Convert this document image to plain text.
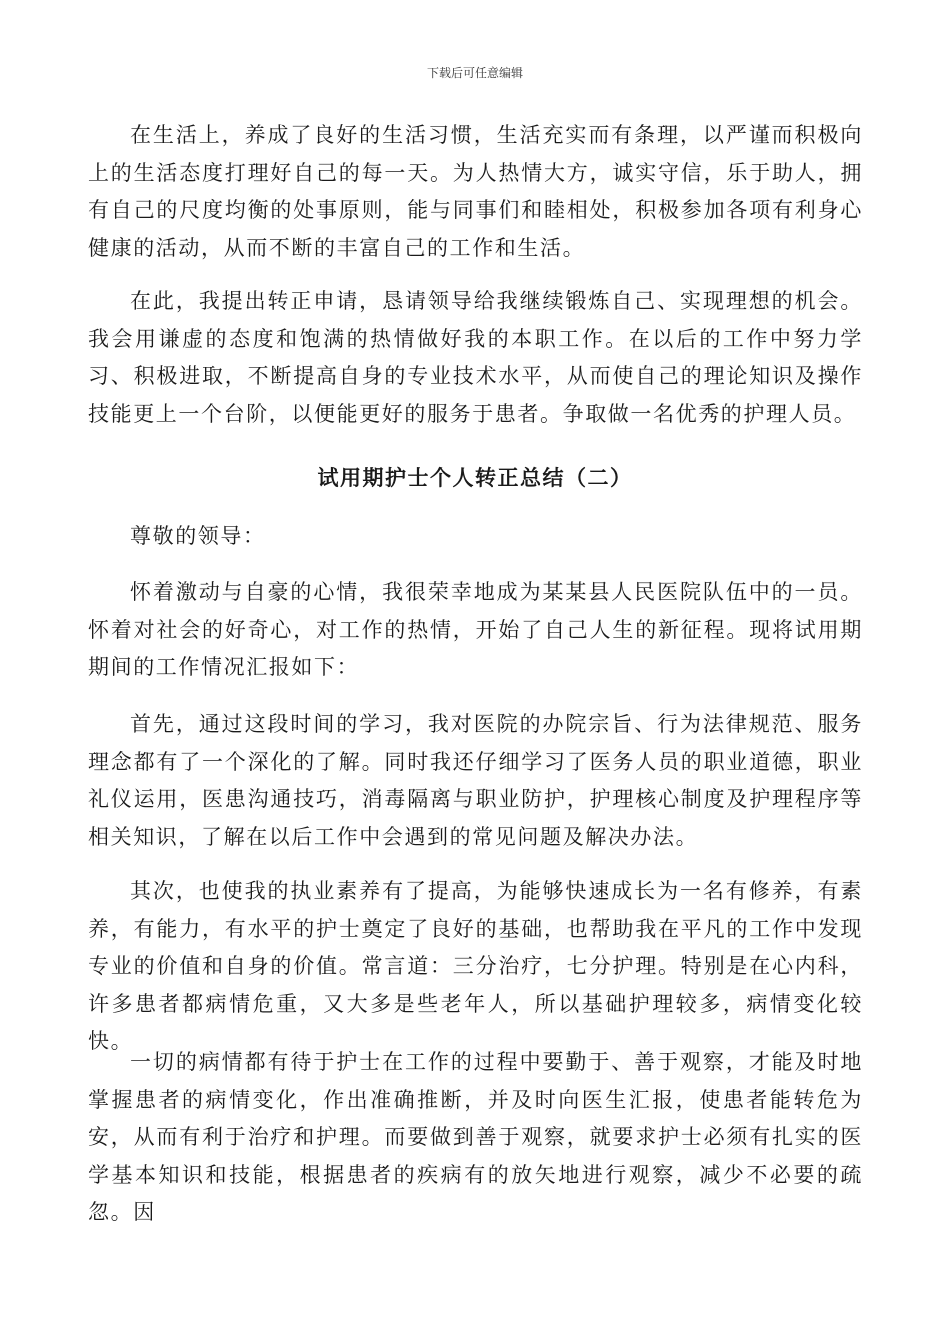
下载后可任意编辑

在生活上，养成了良好的生活习惯，生活充实而有条理，以严谨而积极向上的生活态度打理好自己的每一天。为人热情大方，诚实守信，乐于助人，拥有自己的尺度均衡的处事原则，能与同事们和睦相处，积极参加各项有利身心健康的活动，从而不断的丰富自己的工作和生活。

在此，我提出转正申请，恳请领导给我继续锻炼自己、实现理想的机会。我会用谦虚的态度和饱满的热情做好我的本职工作。在以后的工作中努力学习、积极进取，不断提高自身的专业技术水平，从而使自己的理论知识及操作技能更上一个台阶，以便能更好的服务于患者。争取做一名优秀的护理人员。

试用期护士个人转正总结（二）

尊敬的领导：

怀着激动与自豪的心情，我很荣幸地成为某某县人民医院队伍中的一员。怀着对社会的好奇心，对工作的热情，开始了自己人生的新征程。现将试用期期间的工作情况汇报如下：

首先，通过这段时间的学习，我对医院的办院宗旨、行为法律规范、服务理念都有了一个深化的了解。同时我还仔细学习了医务人员的职业道德，职业礼仪运用，医患沟通技巧，消毒隔离与职业防护，护理核心制度及护理程序等相关知识，了解在以后工作中会遇到的常见问题及解决办法。

其次，也使我的执业素养有了提高，为能够快速成长为一名有修养，有素养，有能力，有水平的护士奠定了良好的基础，也帮助我在平凡的工作中发现专业的价值和自身的价值。常言道：三分治疗，七分护理。特别是在心内科，许多患者都病情危重，又大多是些老年人，所以基础护理较多，病情变化较快。

一切的病情都有待于护士在工作的过程中要勤于、善于观察，才能及时地掌握患者的病情变化，作出准确推断，并及时向医生汇报，使患者能转危为安，从而有利于治疗和护理。而要做到善于观察，就要求护士必须有扎实的医学基本知识和技能，根据患者的疾病有的放矢地进行观察，减少不必要的疏忽。因
